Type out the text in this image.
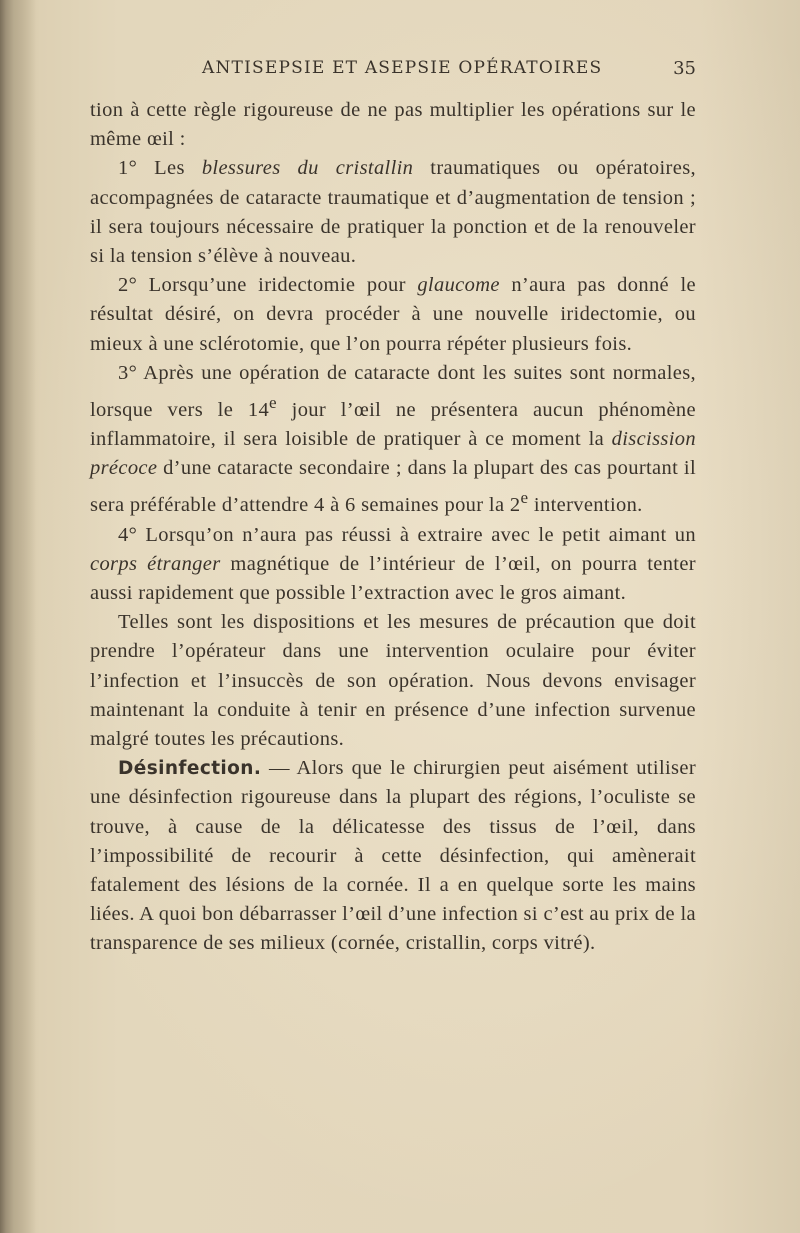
ANTISEPSIE ET ASEPSIE OPÉRATOIRES	35

tion à cette règle rigoureuse de ne pas multiplier les opérations sur le même œil :

1° Les blessures du cristallin traumatiques ou opératoires, accompagnées de cataracte traumatique et d’augmentation de tension ; il sera toujours nécessaire de pratiquer la ponction et de la renouveler si la tension s’élève à nouveau.

2° Lorsqu’une iridectomie pour glaucome n’aura pas donné le résultat désiré, on devra procéder à une nouvelle iridectomie, ou mieux à une sclérotomie, que l’on pourra répéter plusieurs fois.

3° Après une opération de cataracte dont les suites sont normales, lorsque vers le 14e jour l’œil ne présentera aucun phénomène inflammatoire, il sera loisible de pratiquer à ce moment la discission précoce d’une cataracte secondaire ; dans la plupart des cas pourtant il sera préférable d’attendre 4 à 6 semaines pour la 2e intervention.

4° Lorsqu’on n’aura pas réussi à extraire avec le petit aimant un corps étranger magnétique de l’intérieur de l’œil, on pourra tenter aussi rapidement que possible l’extraction avec le gros aimant.

Telles sont les dispositions et les mesures de précaution que doit prendre l’opérateur dans une intervention oculaire pour éviter l’infection et l’insuccès de son opération. Nous devons envisager maintenant la conduite à tenir en présence d’une infection survenue malgré toutes les précautions.

Désinfection. — Alors que le chirurgien peut aisément utiliser une désinfection rigoureuse dans la plupart des régions, l’oculiste se trouve, à cause de la délicatesse des tissus de l’œil, dans l’impossibilité de recourir à cette désinfection, qui amènerait fatalement des lésions de la cornée. Il a en quelque sorte les mains liées. A quoi bon débarrasser l’œil d’une infection si c’est au prix de la transparence de ses milieux (cornée, cristallin, corps vitré).
